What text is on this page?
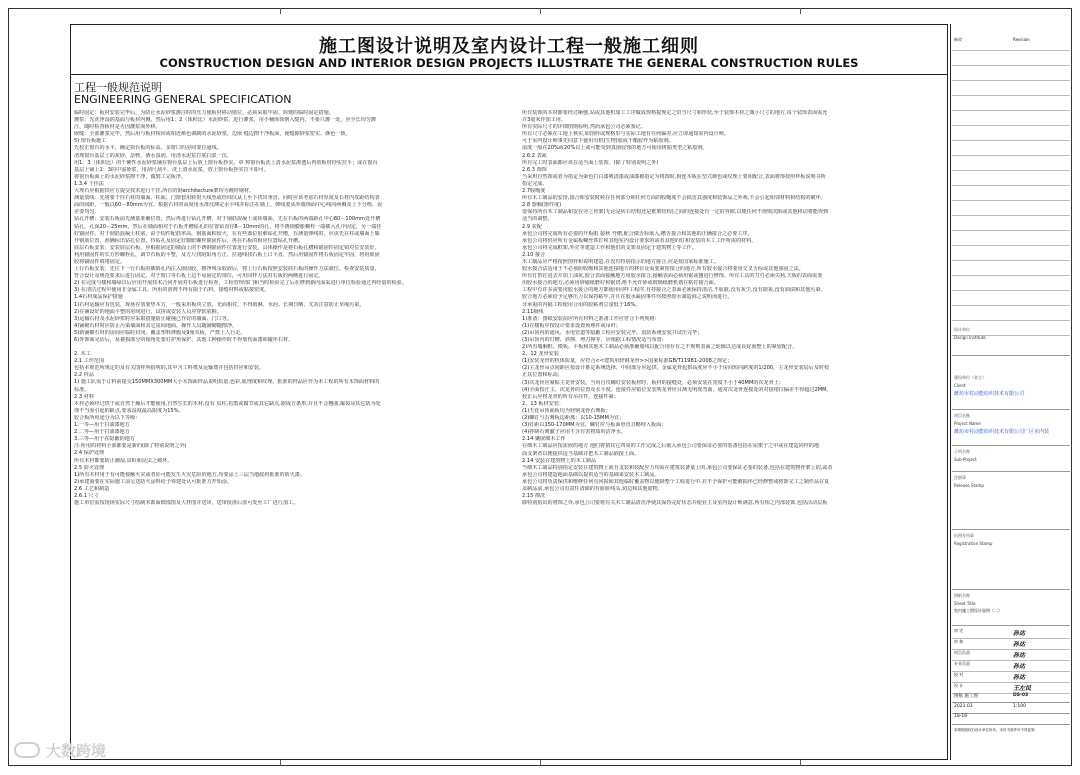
施工图设计说明及室内设计工程一般施工细则
CONSTRUCTION DESIGN AND INTERIOR DESIGN PROJECTS ILLUSTRATE THE GENERAL CONSTRUCTION RULES
工程一般规范说明
ENGINEERING GENERAL SPECIFICATION

临时固定：板材安装完毕后，为防止水泥砂浆灌注时的压力使板材移动错位，必须采取牢固、简便的临时固定措施。

灌浆：先洗净湿润基面与板材内侧，然后用1：2（体积比）水泥砂浆，进行灌浆，用小桶徐徐倒入缝内，不要只灌一处，应全长均匀灌

注，随时检查板材是否因灌浆而外移。

嵌缝：全部灌浆完毕，然后用与板材相同或相近颜色调制的水泥砂浆，边嵌 缝边擦干净板面，使缝隙砂浆密实、颜色一致。

5) 窗台板施工

先校正窗台的水平，确定窗台板的标高，多窗口的房间要拉通线。

清理窗台基层上的灰砂、杂物，洒水湿润，用清水泥浆打底扫浆一次。

用1：3（体积比）的干硬性水泥砂浆铺在窗台基层上后放上窗台板抄实，章 掉窗台板洗上清水泥浆渗透后再放板材抄实拉平；或在窗台

基层上铺上1：3的中湿砂浆，用刮尺刮平，洗上清水泥浆，放上窗台板抄实拉平即可。

将窗台板面上的水泥砂浆擦干净，做到工完板净。

1.3.4 干挂法

大理石应根据供应方提交技术进行干挂,所有的钢architecture架均为镀锌钢材。

测量放线：先将要干挂石材的墙面、柱面、门窗套用转射大线坠或经纬仪从上至下找出垂直。同时应该考虑石材厚度及石材内皮距结构表

面的间距，一般以60－80mm为宜。根据石材的高度用水准仪测定水平线并标注在墙上，弹线要从外墙饰面中心线向两侧及上下分格，误

差要均匀。

钻孔开槽：安装石板前先测量准确位置，然后再进行钻孔开槽，对于钢筋混凝土或砖墙面，先在石板的两端距孔中心80－100mm处开槽

钻孔，孔深20－25mm，然后在墙面相对于石板开槽钻孔的位置钻直径8－10mm的孔，将不锈钢膨胀螺栓一端插入孔中固定，另一端挂

好锚固件。对于钢筋混凝土柱梁，由于构件配筋率高，钢筋面积较大，在有些部位很难钻孔开槽，在测量弹线时，应该先在柱或墙面上躲

开钢筋位置，准确标出钻孔位置，待钻孔及固定好膨胀螺栓锚固件后，再在石板的相应位置钻孔开槽。

底层石板安装：安装底层石板，应根据固定的墙面上的不锈钢锚固件位置进行安装，具体操作是将石板孔槽和锚固件固定销对位安装好，

利用锚固件的长方形螺栓孔，调节石板的平整，及方尺找阴阳角方正，拉通线找石板上口平直，然后用锚固件将石板固定牢固，将用嵌固

胶将锚固件填堵固定。

上行石板安装：先往下一行石板的插销孔内注入嵌固胶，擦净残余胶液后，将上行石板按照安装底石板的操作方法就位。检查安装质量，

符合设计及规范要求后进行固定，对于窗口等石板上边不易固定的部位，可用同样方法对石板的两侧进行固定。

2) 在完成与楼和墙绿以后应用开展技术合同开展对石板进行检查，工程管理部门和当时检验完了后在修到新内面采进行单位检验通过再经量的检验。

3) 在清洁过程中使用非金属工具，所用的溶剂不得有损于石料，接缝材料或粘接密度。

1.4石材成品保护措施

1)石材运输应有包装，现场存放要垫木方，一般采用板块立放，光面相对，不得雨淋、水泡、长期日晒，尤其注意防止草绳污染。

2)在铺设好的地面平整的房间进行，试拼或安装人员应穿软底鞋。

3)运输石材及水泥砂浆时应采取措施防止碰撞已作好的墙面、门口等。

4)铺砌石材时应防止污染墙面和其它房间地面，操作人员随铺砌随擦净。

5)新铺砌石材的房间应临时封闭，覆盖塑料薄膜及9厘夹板，严禁上人行走。

6)外饰面完活后，易被损部分的棱角处要钉护角保护，其他工种操作时不得划伤面漆和碰坏石材。

2. 木工

2.1 工作范围

包括本规范所规定的及有关图样所指明的,其中含工料费及运输费并包括供应和安装。

2.2 样品

1) 施工队需于订料前提交150MMX300MM大小木饰面样品说明质量,色彩,肌理度和纹理。批准的样品应作为本工程的所有木饰面材料的

标准。

2.3 材料

木材必须经过烘干或自然干燥后才能使用,自然生长的木材,没有 虫柱,松散或腐节或其它缺点,锯成方条形,并且不会翘曲,爆裂及其它防为处

理不当而引起的缺点,要求湿度最高限度为15%。

胶合板所用途分为以下等级：

1.一等—用于扫油漆地方

2.二等—用于扫油漆地方

3.三等—用于在隐蔽的地方

注:所用的材料全部都要是新的(除了特别说明之外)

2.4 保护处理

所有木材都要防止潮湿,虫蛀和昆虫之破坏。

2.5 防火处理

1)所有木材用于有可能接触火灾或者证可能发生火灾危险的地方,均要涂上三层当地政府批准的防火漆。

2)承建商要在实际施工前呈送防火涂料给予筹建处认可批准方开始涂。

2.6 工艺和制造

2.6.1 尺寸

施工单位需按现场实际尺寸绘制木饰面细部图及大样图并送审，送审批准后放可发至工厂进行加工。

所有装饰的木材都要经过砸刨,钻或其他机加工工序做成规格提规定之恰当尺寸和形状,至于装饰木材之微小尺寸的地方,每个装饰表面需允

许3毫米作加工用。

所有实际尺寸的详细图则标明,然而承包公司必须鉴记。

所有尺寸必须在工地上核实,如图样或规格里与实际工地有任何偏差,应立即通知室内设计师。

可于室内设计师事先同意下使用有机(生物)胶或干酯胶作为粘胶剂。

湿度一般在20%或20%以上或可能受到真菌侵蚀的地方可使用树脂类型之粘胶剂。

2.6.2 表面

所有完工时表面都应该在适当面上装饰。(除了特别说明之外)

2.6.3 饰饰

当采用自然饰或者为指定为染色打白漆喷清漆或油漆被指定为将饰时,相连木板在型式颜色或纹理上要相配合,表面将饰按照样板说明书所

指定完成。

2.7收缩度

所有木工制品的安排,接合和安装时候在任何部分和任何方面的收缩度不会损害其强度和装饰品之外观,不会引起相邻材料和结构的破坏。

2.8 器顺(器件度)

要保持所有木工制品和安在旁之骨架(无论是砖石结构还是框架结构)之间的连接处有一定的容隙,以便任何不规则沉陷或其他移动将能得到

适当的调整。

2.9 装配

承包公司将完成所有必要的开板眼 接秋 开槽,配合做舌标嵌入,槽舌接合和其他的正确接合之必要工序。

承包公司将供应所有金属板螺丝铁钉和其他室内设计要求的或者其他的钉和安装的木工工作所需的材料。

承包公司将完成框架,外壳等建造工作和他们的支架及固定于建筑物上等工作。

2.10 接合

木工制品应严格按照图样和说明建造,在没有特别指示的地方接合,应是按国家标准施工。

胶水接合法适用于不必预防收缩和其他连接地方的移位及需要紧密接合的地方,所有胶水接合将要用交叉舌标或其他加固之法。

所有钉帮钉进去并加上油灰,胶合表面接触地方用胶水接合,接触表面必须用锯或刨进行修饰。所有工具的刀刃必须尖利,夫板的表面需要

用胶水接合的地方,必须用砂磁纸磨好和锯切,绝不允许砂或玻璃纸磨机划在粘钉接合面。

工程中有许多需要用胶水接合的地方都使用同样工程序,有持接合之表面必须保持清洁,不肮脏,没有灰尘,没有锯灰,没有油渍和其他污染。

胶合地方必须给予足够压力以保持粘牢,并且在胶水凝固事件均按照胶水制造商之说明而进行。

非承重的内隔工程使用合用的胶粘剂总量低于16%。

2.11级线

1)准备：图纸安装前应所有材料之准备工作应符合下列规格：

(1)在楼板中按设计要求设置预埋件或吊杆；

(2)吊顶内的通风、水电管道等隐蔽工程应安装完毕，消防系统安装并试压完毕；

(3)吊顶内的灯槽、斜撑、剪刀撑等，应根据工程情况适当布置；

2)所有墙胴框、模板、平板和其他木工制品必须准确划线以配合现存有之不规则表面之轮廓以达成良好而整上的紧密配合。

2、12 龙骨安装

(1)安装龙骨的机体质量，应符合<<建筑用轻钢龙骨>>国家标准GB/T11981-2008之规定；

(2)主龙骨吊点间距应按设计推定系统选择，中间部分应起拱，金属龙骨起拱高度应不小于房间短向跨度的1/200，主龙骨安装局后及时校

正其位置和标高；

(3)次龙骨应紧贴主龙骨安装。当用自攻螺钉安装板材时，板材的接缝处，必须安装在宽度不小于40MM的次龙骨上；

(4)全面校正主、次龙骨的位置及水平度。连接件应错位安装明龙骨应目测无明现弯曲，通常次龙骨连接处的对接错位偏差不得超过2MM。

校正后应将龙骨的所有吊挂件，连接件紧；

2、13 板材安装：

(1)天花吊顶面板均为轻钢龙骨石膏板；

(2)螺钉与石膏板边距离：以10-15MM为宜；

(3)钉距以150-170MM为宜，螺钉应与板面垂直且略埋入板面；

(4)拌制石膏腻子应用不含有害物质的洁净水。

2.14 镶嵌细木工作

在细木工制品应按需嵌的地方 他们将猜其它四周的工作完成之后嵌入承包公司要保证必要的装备包括在屋架子之中或在建造同样的地

面支架者以便提供适当基础并把木工制品嵌接上面。

2.14 安装在建筑物上的木工制品

当细木工制品特别指定安装在建筑物上而且支装和装配应力均需在建筑装备量上的,承包公司要保证必要的装备,包括在建筑物骨架上的,或者

承包公司将建造地面基础以提供适当的基础来安装木工制品。

承包公司将负责保供和维修任何有问损和其他临时覆盖物以便降整个工程进行中,若不予保护可能被损坏已经修整或将饰完工之制作品在复

盖制品前,承包公司有责任清除的有脏脏线头,切边和其他废物。

2.15 擦洗

除特别指出的将饰之外,承包公司要将有关木工制品清洗净使其保持完好状态并使业主及室内设计师满意,所有相之内部装饰,包括活动层板

修改	Revision
设计单位
Design Institute
建设单位（业主）
Client
潍坊市村动能纺织技术有限公司
项目名称
Project Name
潍坊市村动能纺织技术有限公司厂区室内装
子项名称
Sub-Project
注册章
Release Stamp
出图专用章
Registration Stamp
图纸名称
Sheet Title
室内施工图设计说明（二）
审 定	孙达
审 核	孙达
项目负责	孙达
专业负责	孙达
校 对	孙达
设 计	王左民
图纸 施工图	DS-03
2021.03	1:100
18-16
本图纸版权归设计单位所有，未经书面许可不得复制
大数跨境
